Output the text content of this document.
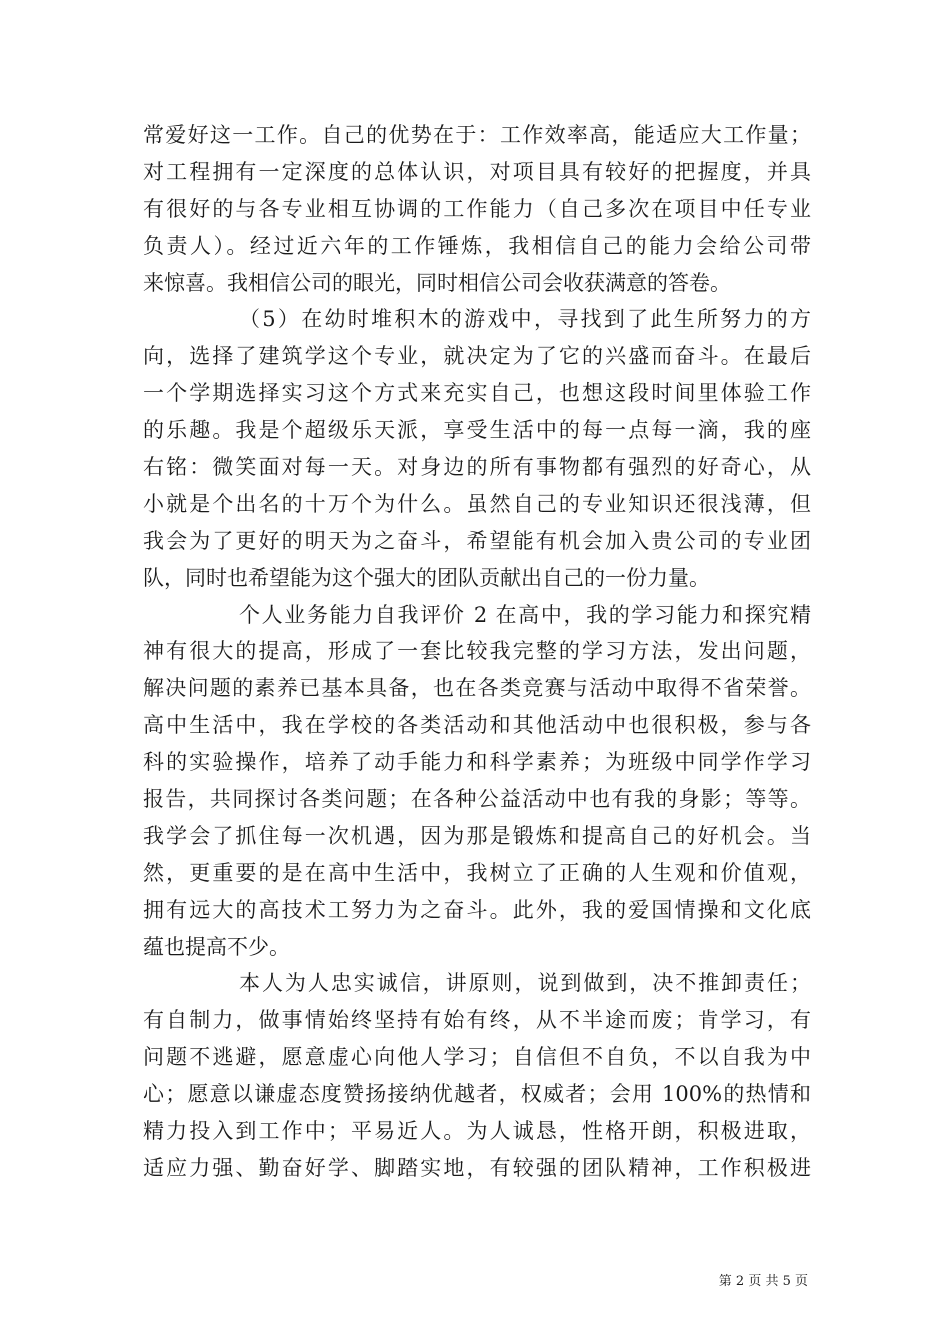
常爱好这一工作。自己的优势在于：工作效率高，能适应大工作量；
对工程拥有一定深度的总体认识，对项目具有较好的把握度，并具
有很好的与各专业相互协调的工作能力（自己多次在项目中任专业
负责人）。经过近六年的工作锤炼，我相信自己的能力会给公司带
来惊喜。我相信公司的眼光，同时相信公司会收获满意的答卷。
（5）在幼时堆积木的游戏中，寻找到了此生所努力的方
向，选择了建筑学这个专业，就决定为了它的兴盛而奋斗。在最后
一个学期选择实习这个方式来充实自己，也想这段时间里体验工作
的乐趣。我是个超级乐天派，享受生活中的每一点每一滴，我的座
右铭：微笑面对每一天。对身边的所有事物都有强烈的好奇心，从
小就是个出名的十万个为什么。虽然自己的专业知识还很浅薄，但
我会为了更好的明天为之奋斗，希望能有机会加入贵公司的专业团
队，同时也希望能为这个强大的团队贡献出自己的一份力量。
个人业务能力自我评价 2 在高中，我的学习能力和探究精
神有很大的提高，形成了一套比较我完整的学习方法，发出问题，
解决问题的素养已基本具备，也在各类竞赛与活动中取得不省荣誉。
高中生活中，我在学校的各类活动和其他活动中也很积极，参与各
科的实验操作，培养了动手能力和科学素养；为班级中同学作学习
报告，共同探讨各类问题；在各种公益活动中也有我的身影；等等。
我学会了抓住每一次机遇，因为那是锻炼和提高自己的好机会。当
然，更重要的是在高中生活中，我树立了正确的人生观和价值观，
拥有远大的高技术工努力为之奋斗。此外，我的爱国情操和文化底
蕴也提高不少。
本人为人忠实诚信，讲原则，说到做到，决不推卸责任；
有自制力，做事情始终坚持有始有终，从不半途而废；肯学习，有
问题不逃避，愿意虚心向他人学习；自信但不自负，不以自我为中
心；愿意以谦虚态度赞扬接纳优越者，权威者；会用 100%的热情和
精力投入到工作中；平易近人。为人诚恳，性格开朗，积极进取，
适应力强、勤奋好学、脚踏实地，有较强的团队精神，工作积极进
第 2 页 共 5 页
